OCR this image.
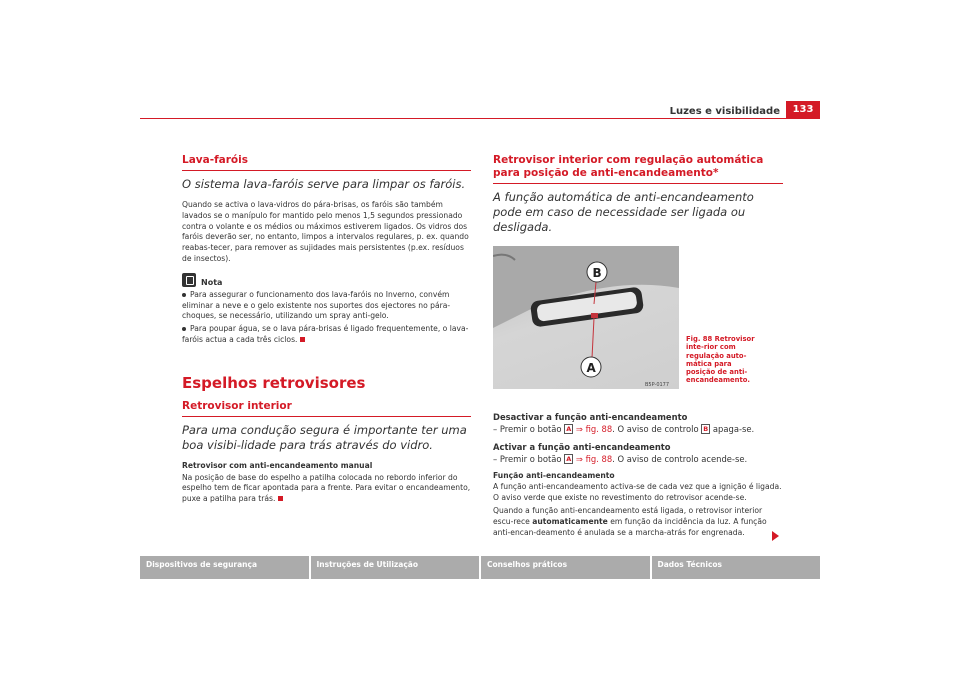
Luzes e visibilidade	133
Lava-faróis
O sistema lava-faróis serve para limpar os faróis.
Quando se activa o lava-vidros do pára-brisas, os faróis são também lavados se o manípulo for mantido pelo menos 1,5 segundos pressionado contra o volante e os médios ou máximos estiverem ligados. Os vidros dos faróis deverão ser, no entanto, limpos a intervalos regulares, p. ex. quando reabas-tecer, para remover as sujidades mais persistentes (p.ex. resíduos de insectos).
Nota
Para assegurar o funcionamento dos lava-faróis no Inverno, convém eliminar a neve e o gelo existente nos suportes dos ejectores no pára-choques, se necessário, utilizando um spray anti-gelo.
Para poupar água, se o lava pára-brisas é ligado frequentemente, o lava-faróis actua a cada três ciclos.
Espelhos retrovisores
Retrovisor interior
Para uma condução segura é importante ter uma boa visibi-lidade para trás através do vidro.
Retrovisor com anti-encandeamento manual
Na posição de base do espelho a patilha colocada no rebordo inferior do espelho tem de ficar apontada para a frente. Para evitar o encandeamento, puxe a patilha para trás.
Retrovisor interior com regulação automática para posição de anti-encandeamento*
A função automática de anti-encandeamento pode em caso de necessidade ser ligada ou desligada.
B
A
B5P-0177
Desactivar a função anti-encandeamento
– Premir o botão A ⇒ fig. 88. O aviso de controlo B apaga-se.
Activar a função anti-encandeamento
– Premir o botão A ⇒ fig. 88. O aviso de controlo acende-se.
Função anti-encandeamento
A função anti-encandeamento activa-se de cada vez que a ignição é ligada. O aviso verde que existe no revestimento do retrovisor acende-se.
Quando a função anti-encandeamento está ligada, o retrovisor interior escu-rece automaticamente em função da incidência da luz. A função anti-encan-deamento é anulada se a marcha-atrás for engrenada.
Fig. 88 Retrovisor inte-rior com regulação auto-mática para posição de anti-encandeamento.
Dispositivos de segurança	Instruções de Utilização	Conselhos práticos	Dados Técnicos
